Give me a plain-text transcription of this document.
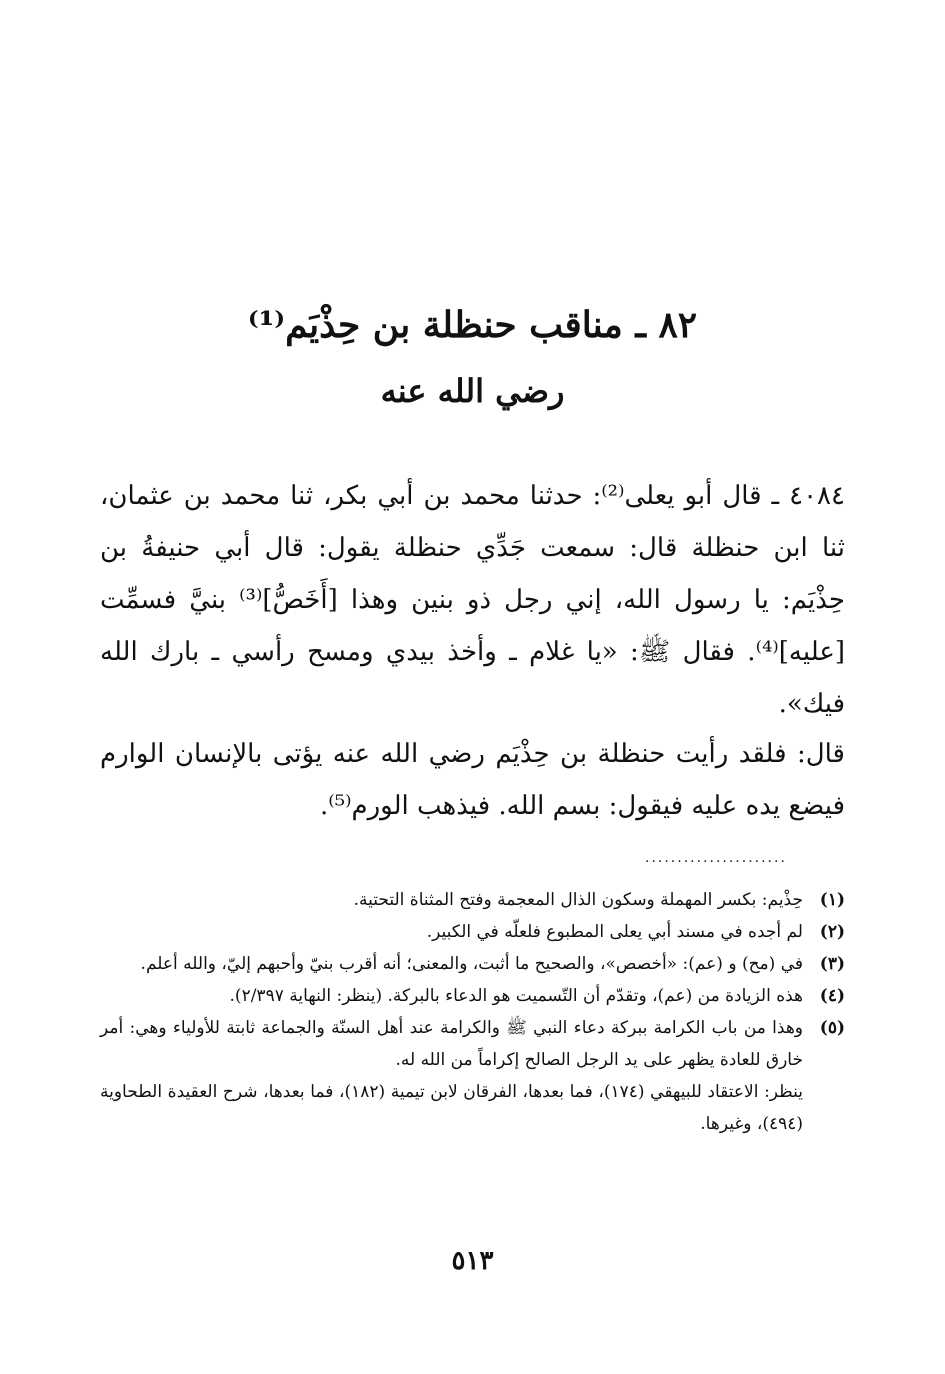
٨٢ ـ مناقب حنظلة بن حِذْيَم⁽¹⁾
رضي الله عنه

٤٠٨٤ ـ قال أبو يعلى⁽²⁾: حدثنا محمد بن أبي بكر، ثنا محمد بن عثمان، ثنا ابن حنظلة قال: سمعت جَدِّي حنظلة يقول: قال أبي حنيفةُ بن حِذْيَم: يا رسول الله، إني رجل ذو بنين وهذا [أَخَصُّ]⁽³⁾ بنيَّ فسمِّت [عليه]⁽⁴⁾. فقال ﷺ: «يا غلام ـ وأخذ بيدي ومسح رأسي ـ بارك الله فيك».

قال: فلقد رأيت حنظلة بن حِذْيَم رضي الله عنه يؤتى بالإنسان الوارم فيضع يده عليه فيقول: بسم الله. فيذهب الورم⁽⁵⁾.

......................
(١)
حِذْيم: بكسر المهملة وسكون الذال المعجمة وفتح المثناة التحتية.
(٢)
لم أجده في مسند أبي يعلى المطبوع فلعلّه في الكبير.
(٣)
في (مح) و (عم): «أخصص»، والصحيح ما أثبت، والمعنى؛ أنه أقرب بنيّ وأحبهم إليّ، والله أعلم.
(٤)
هذه الزيادة من (عم)، وتقدّم أن التّسميت هو الدعاء بالبركة. (ينظر: النهاية ٢/٣٩٧).
(٥)
وهذا من باب الكرامة ببركة دعاء النبي ﷺ والكرامة عند أهل السنّة والجماعة ثابتة للأولياء وهي: أمر خارق للعادة يظهر على يد الرجل الصالح إكراماً من الله له.
ينظر: الاعتقاد للبيهقي (١٧٤)، فما بعدها، الفرقان لابن تيمية (١٨٢)، فما بعدها، شرح العقيدة الطحاوية (٤٩٤)، وغيرها.
٥١٣
